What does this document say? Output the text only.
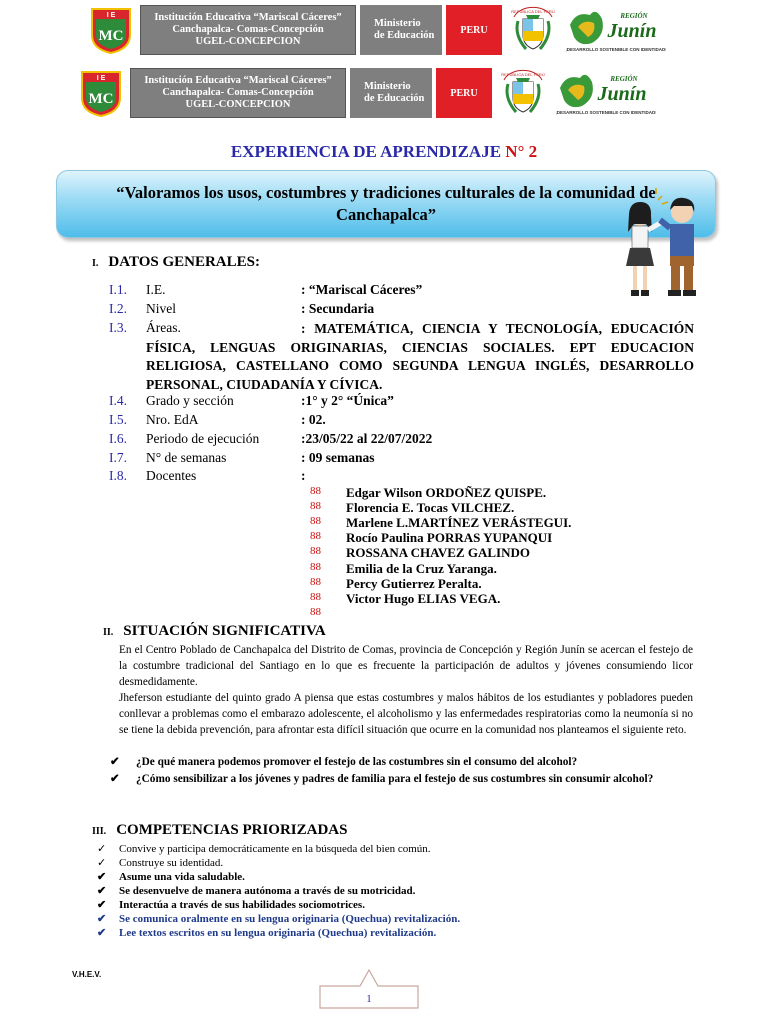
I E
MC
Institución Educativa “Mariscal Cáceres”
Canchapalca- Comas-Concepción
UGEL-CONCEPCION
Ministerio
de Educación	PERU
REPÚBLICA DEL PERÚ
REGIÓN
Junín
¡DESARROLLO SOSTENIBLE CON IDENTIDAD!
I E
MC
Institución Educativa “Mariscal Cáceres”
Canchapalca- Comas-Concepción
UGEL-CONCEPCION
Ministerio
de Educación	PERU
REPÚBLICA DEL PERÚ
REGIÓN
Junín
¡DESARROLLO SOSTENIBLE CON IDENTIDAD!
EXPERIENCIA DE APRENDIZAJE N° 2
“Valoramos los usos, costumbres y tradiciones culturales de la comunidad de Canchapalca”
I. DATOS GENERALES:
I.1. I.E.	: “Mariscal Cáceres”
I.2. Nivel	: Secundaria
I.3. Áreas.	: MATEMÁTICA, CIENCIA Y TECNOLOGÍA, EDUCACIÓN FÍSICA, LENGUAS ORIGINARIAS, CIENCIAS SOCIALES. EPT EDUCACION RELIGIOSA, CASTELLANO COMO SEGUNDA LENGUA INGLÉS, DESARROLLO PERSONAL, CIUDADANÍA Y CÍVICA.
I.4. Grado y sección	:1° y 2° “Única”
I.5. Nro. EdA	: 02.
I.6. Periodo de ejecución	:23/05/22 al 22/07/2022
I.7. N° de semanas	: 09 semanas
I.8. Docentes	:
88 Edgar Wilson ORDOÑEZ QUISPE.
88 Florencia E. Tocas VILCHEZ.
88 Marlene L.MARTÍNEZ VERÁSTEGUI.
88 Rocío Paulina PORRAS YUPANQUI
88 ROSSANA CHAVEZ GALINDO
88 Emilia de la Cruz Yaranga.
88 Percy Gutierrez Peralta.
88 Victor Hugo ELIAS VEGA.
88
II. SITUACIÓN SIGNIFICATIVA
En el Centro Poblado de Canchapalca del Distrito de Comas, provincia de Concepción y Región Junín se acercan el festejo de la costumbre tradicional del Santiago en lo que es frecuente la participación de adultos y jóvenes consumiendo licor desmedidamente.
Jheferson estudiante del quinto grado A piensa que estas costumbres y malos hábitos de los estudiantes y pobladores pueden conllevar a problemas como el embarazo adolescente, el alcoholismo y las enfermedades respiratorias como la neumonía si no se tiene la debida prevención, para afrontar esta difícil situación que ocurre en la comunidad nos planteamos el siguiente reto.
✔ ¿De qué manera podemos promover el festejo de las costumbres sin el consumo del alcohol?
✔ ¿Cómo sensibilizar a los jóvenes y padres de familia para el festejo de sus costumbres sin consumir alcohol?
III. COMPETENCIAS PRIORIZADAS
✓ Convive y participa democráticamente en la búsqueda del bien común.
✓ Construye su identidad.
✔ Asume una vida saludable.
✔ Se desenvuelve de manera autónoma a través de su motricidad.
✔ Interactúa a través de sus habilidades sociomotrices.
✔ Se comunica oralmente en su lengua originaria (Quechua) revitalización.
✔ Lee textos escritos en su lengua originaria (Quechua) revitalización.
V.H.E.V.
1
